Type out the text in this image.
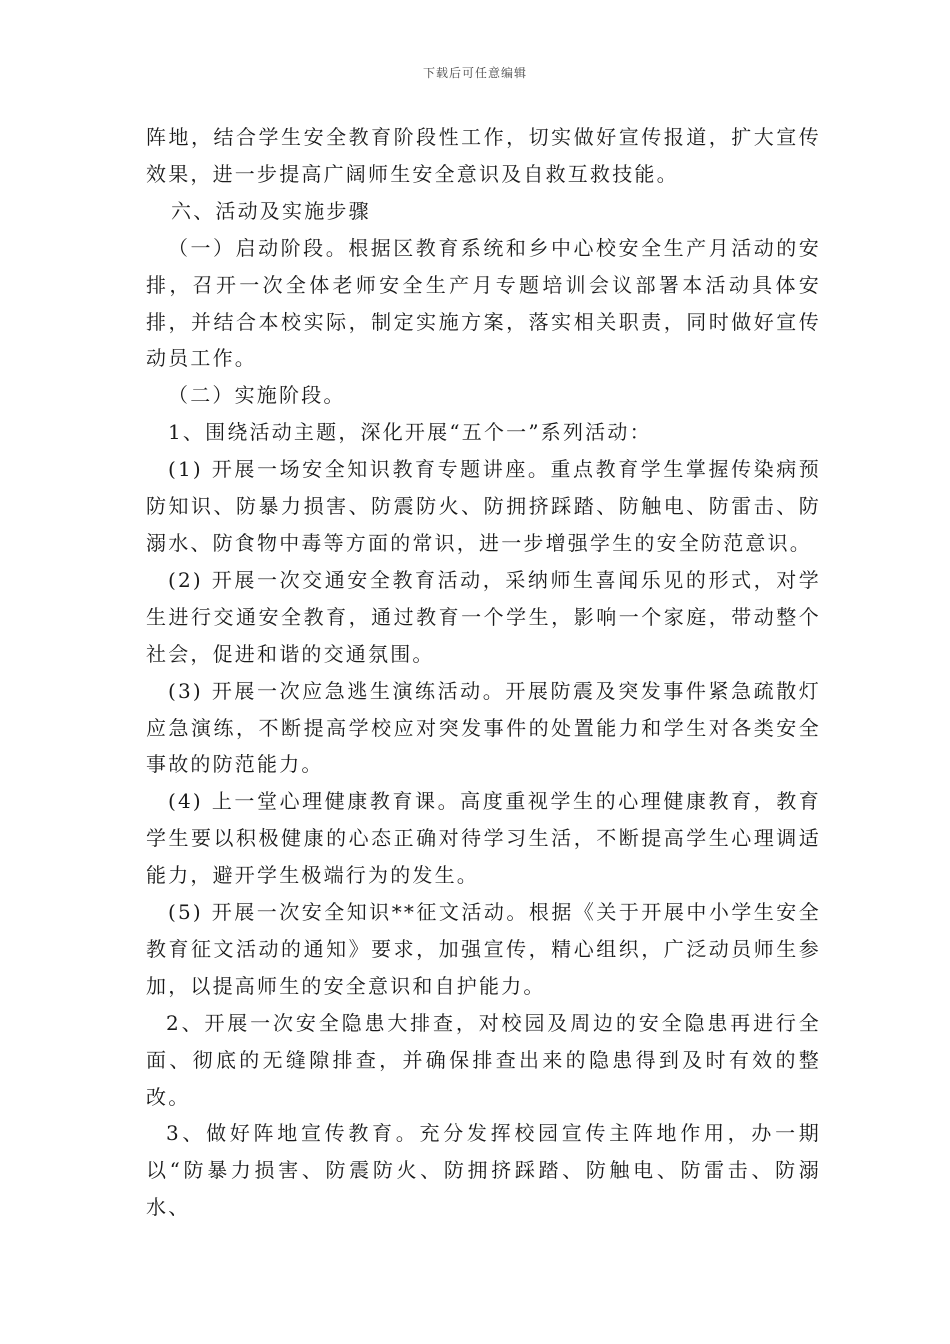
下载后可任意编辑

阵地，结合学生安全教育阶段性工作，切实做好宣传报道，扩大宣传效果，进一步提高广阔师生安全意识及自救互救技能。

六、活动及实施步骤

（一）启动阶段。根据区教育系统和乡中心校安全生产月活动的安排，召开一次全体老师安全生产月专题培训会议部署本活动具体安排，并结合本校实际，制定实施方案，落实相关职责，同时做好宣传动员工作。

（二）实施阶段。

1、围绕活动主题，深化开展“五个一”系列活动：

(1) 开展一场安全知识教育专题讲座。重点教育学生掌握传染病预防知识、防暴力损害、防震防火、防拥挤踩踏、防触电、防雷击、防溺水、防食物中毒等方面的常识，进一步增强学生的安全防范意识。

(2) 开展一次交通安全教育活动，采纳师生喜闻乐见的形式，对学生进行交通安全教育，通过教育一个学生，影响一个家庭，带动整个社会，促进和谐的交通氛围。

(3) 开展一次应急逃生演练活动。开展防震及突发事件紧急疏散灯应急演练，不断提高学校应对突发事件的处置能力和学生对各类安全事故的防范能力。

(4) 上一堂心理健康教育课。高度重视学生的心理健康教育，教育学生要以积极健康的心态正确对待学习生活，不断提高学生心理调适能力，避开学生极端行为的发生。

(5) 开展一次安全知识**征文活动。根据《关于开展中小学生安全教育征文活动的通知》要求，加强宣传，精心组织，广泛动员师生参加，以提高师生的安全意识和自护能力。

2、开展一次安全隐患大排查，对校园及周边的安全隐患再进行全面、彻底的无缝隙排查，并确保排查出来的隐患得到及时有效的整改。

3、做好阵地宣传教育。充分发挥校园宣传主阵地作用，办一期以“防暴力损害、防震防火、防拥挤踩踏、防触电、防雷击、防溺水、
